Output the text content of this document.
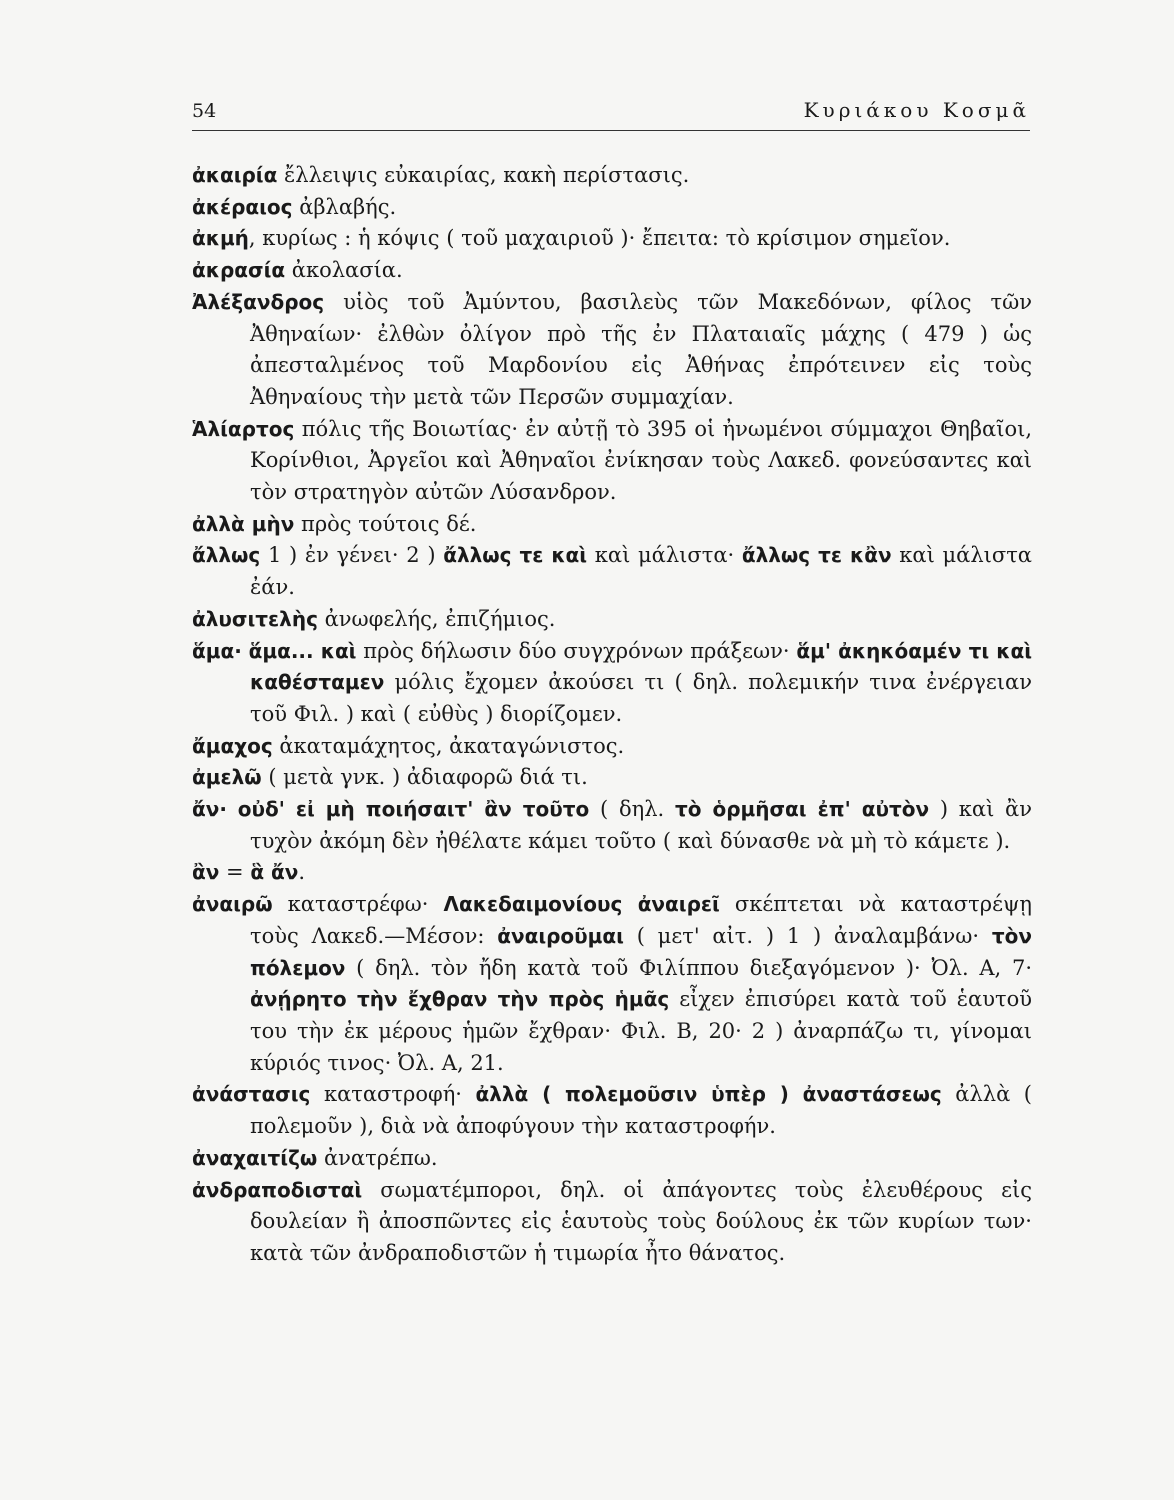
54	Κυριάκου Κοσμᾶ

ἀκαιρία ἔλλειψις εὐκαιρίας, κακὴ περίστασις.

ἀκέραιος ἀβλαβής.

ἀκμή, κυρίως : ἡ κόψις ( τοῦ μαχαιριοῦ )· ἔπειτα: τὸ κρίσιμον σημεῖον.

ἀκρασία ἀκολασία.

Ἀλέξανδρος υἱὸς τοῦ Ἀμύντου, βασιλεὺς τῶν Μακεδόνων, φίλος τῶν Ἀθηναίων· ἐλθὼν ὀλίγον πρὸ τῆς ἐν Πλαταιαῖς μάχης ( 479 ) ὡς ἀπεσταλμένος τοῦ Μαρδονίου εἰς Ἀθήνας ἐπρότεινεν εἰς τοὺς Ἀθηναίους τὴν μετὰ τῶν Περσῶν συμμαχίαν.

Ἁλίαρτος πόλις τῆς Βοιωτίας· ἐν αὐτῇ τὸ 395 οἱ ἠνωμένοι σύμμαχοι Θηβαῖοι, Κορίνθιοι, Ἀργεῖοι καὶ Ἀθηναῖοι ἐνίκησαν τοὺς Λακεδ. φονεύσαντες καὶ τὸν στρατηγὸν αὐτῶν Λύσανδρον.

ἀλλὰ μὴν πρὸς τούτοις δέ.

ἄλλως 1 ) ἐν γένει· 2 ) ἄλλως τε καὶ καὶ μάλιστα· ἄλλως τε κἂν καὶ μάλιστα ἐάν.

ἀλυσιτελὴς ἀνωφελής, ἐπιζήμιος.

ἅμα· ἅμα... καὶ πρὸς δήλωσιν δύο συγχρόνων πράξεων· ἅμ' ἀκηκόαμέν τι καὶ καθέσταμεν μόλις ἔχομεν ἀκούσει τι ( δηλ. πολεμικήν τινα ἐνέργειαν τοῦ Φιλ. ) καὶ ( εὐθὺς ) διορίζομεν.

ἄμαχος ἀκαταμάχητος, ἀκαταγώνιστος.

ἀμελῶ ( μετὰ γνκ. ) ἀδιαφορῶ διά τι.

ἄν· οὐδ' εἰ μὴ ποιήσαιτ' ἂν τοῦτο ( δηλ. τὸ ὁρμῆσαι ἐπ' αὐτὸν ) καὶ ἂν τυχὸν ἀκόμη δὲν ἠθέλατε κάμει τοῦτο ( καὶ δύνασθε νὰ μὴ τὸ κάμετε ).

ἂν = ἃ ἄν.

ἀναιρῶ καταστρέφω· Λακεδαιμονίους ἀναιρεῖ σκέπτεται νὰ καταστρέψῃ τοὺς Λακεδ.—Μέσον: ἀναιροῦμαι ( μετ' αἰτ. ) 1 ) ἀναλαμβάνω· τὸν πόλεμον ( δηλ. τὸν ἤδη κατὰ τοῦ Φιλίππου διεξαγόμενον )· Ὀλ. Α, 7· ἀνῄρητο τὴν ἔχθραν τὴν πρὸς ἡμᾶς εἶχεν ἐπισύρει κατὰ τοῦ ἑαυτοῦ του τὴν ἐκ μέρους ἡμῶν ἔχθραν· Φιλ. Β, 20· 2 ) ἀναρπάζω τι, γίνομαι κύριός τινος· Ὀλ. Α, 21.

ἀνάστασις καταστροφή· ἀλλὰ ( πολεμοῦσιν ὑπὲρ ) ἀναστάσεως ἀλλὰ ( πολεμοῦν ), διὰ νὰ ἀποφύγουν τὴν καταστροφήν.

ἀναχαιτίζω ἀνατρέπω.

ἀνδραποδισταὶ σωματέμποροι, δηλ. οἱ ἀπάγοντες τοὺς ἐλευθέρους εἰς δουλείαν ἢ ἀποσπῶντες εἰς ἑαυτοὺς τοὺς δούλους ἐκ τῶν κυρίων των· κατὰ τῶν ἀνδραποδιστῶν ἡ τιμωρία ἦτο θάνατος.
